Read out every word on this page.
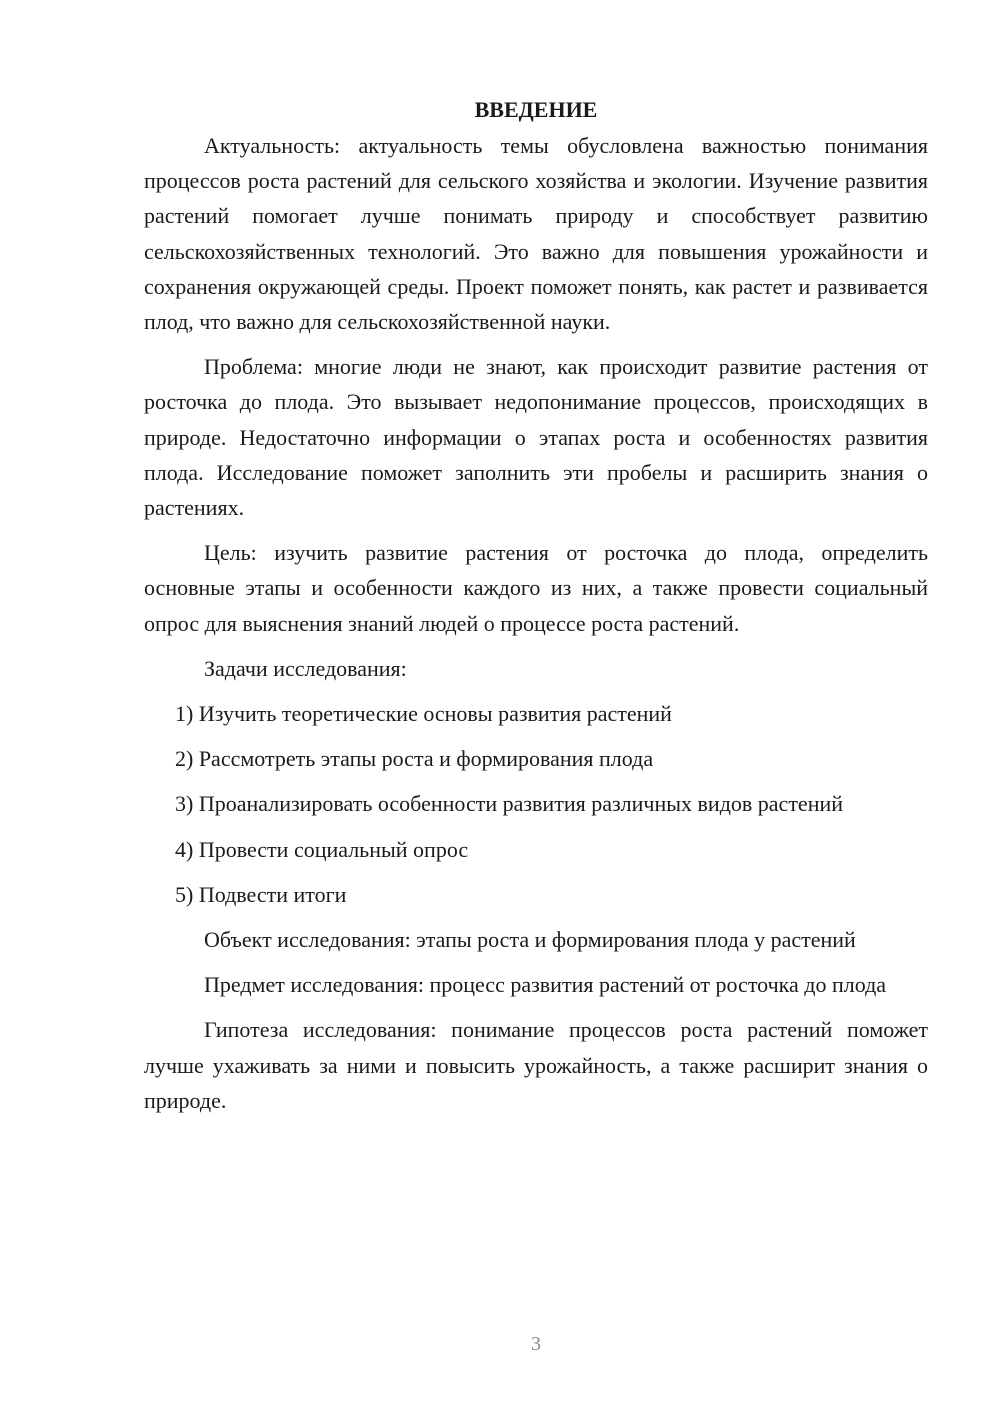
ВВЕДЕНИЕ

Актуальность: актуальность темы обусловлена важностью понимания процессов роста растений для сельского хозяйства и экологии. Изучение развития растений помогает лучше понимать природу и способствует развитию сельскохозяйственных технологий. Это важно для повышения урожайности и сохранения окружающей среды. Проект поможет понять, как растет и развивается плод, что важно для сельскохозяйственной науки.

Проблема: многие люди не знают, как происходит развитие растения от росточка до плода. Это вызывает недопонимание процессов, происходящих в природе. Недостаточно информации о этапах роста и особенностях развития плода. Исследование поможет заполнить эти пробелы и расширить знания о растениях.

Цель: изучить развитие растения от росточка до плода, определить основные этапы и особенности каждого из них, а также провести социальный опрос для выяснения знаний людей о процессе роста растений.

Задачи исследования:

1) Изучить теоретические основы развития растений

2) Рассмотреть этапы роста и формирования плода

3) Проанализировать особенности развития различных видов растений

4) Провести социальный опрос

5) Подвести итоги

Объект исследования: этапы роста и формирования плода у растений

Предмет исследования: процесс развития растений от росточка до плода

Гипотеза исследования: понимание процессов роста растений поможет лучше ухаживать за ними и повысить урожайность, а также расширит знания о природе.

3
